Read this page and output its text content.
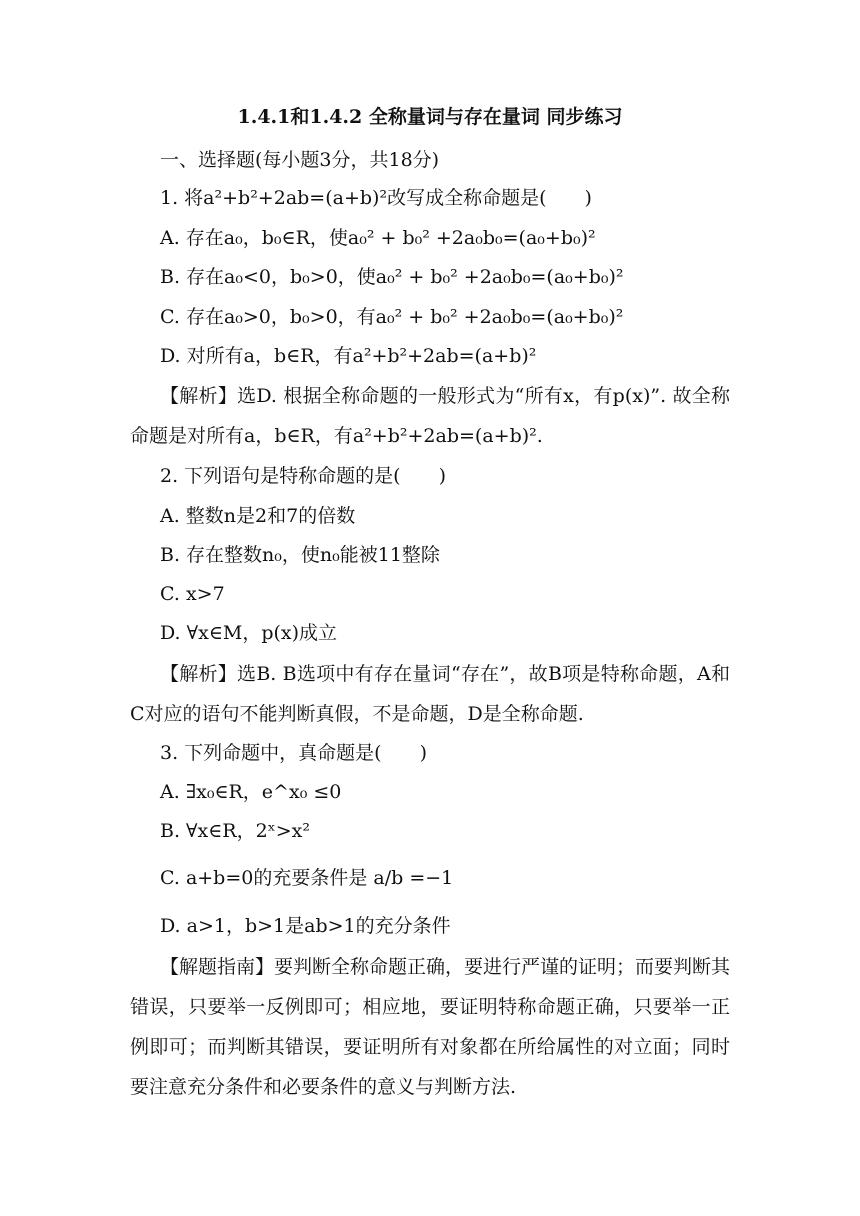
1.4.1和1.4.2 全称量词与存在量词 同步练习
一、选择题(每小题3分，共18分)
1. 将a²+b²+2ab=(a+b)²改写成全称命题是(　　)
A. 存在a₀，b₀∈R，使a₀² + b₀² +2a₀b₀=(a₀+b₀)²
B. 存在a₀<0，b₀>0，使a₀² + b₀² +2a₀b₀=(a₀+b₀)²
C. 存在a₀>0，b₀>0，有a₀² + b₀² +2a₀b₀=(a₀+b₀)²
D. 对所有a，b∈R，有a²+b²+2ab=(a+b)²
【解析】选D. 根据全称命题的一般形式为“所有x，有p(x)”. 故全称命题是对所有a，b∈R，有a²+b²+2ab=(a+b)².
2. 下列语句是特称命题的是(　　)
A. 整数n是2和7的倍数
B. 存在整数n₀，使n₀能被11整除
C. x>7
D. ∀x∈M，p(x)成立
【解析】选B. B选项中有存在量词“存在”，故B项是特称命题，A和C对应的语句不能判断真假，不是命题，D是全称命题.
3. 下列命题中，真命题是(　　)
A. ∃x₀∈R，e^x₀ ≤0
B. ∀x∈R，2ˣ>x²
C. a+b=0的充要条件是 a/b =−1
D. a>1，b>1是ab>1的充分条件
【解题指南】要判断全称命题正确，要进行严谨的证明；而要判断其错误，只要举一反例即可；相应地，要证明特称命题正确，只要举一正例即可；而判断其错误，要证明所有对象都在所给属性的对立面；同时要注意充分条件和必要条件的意义与判断方法.
